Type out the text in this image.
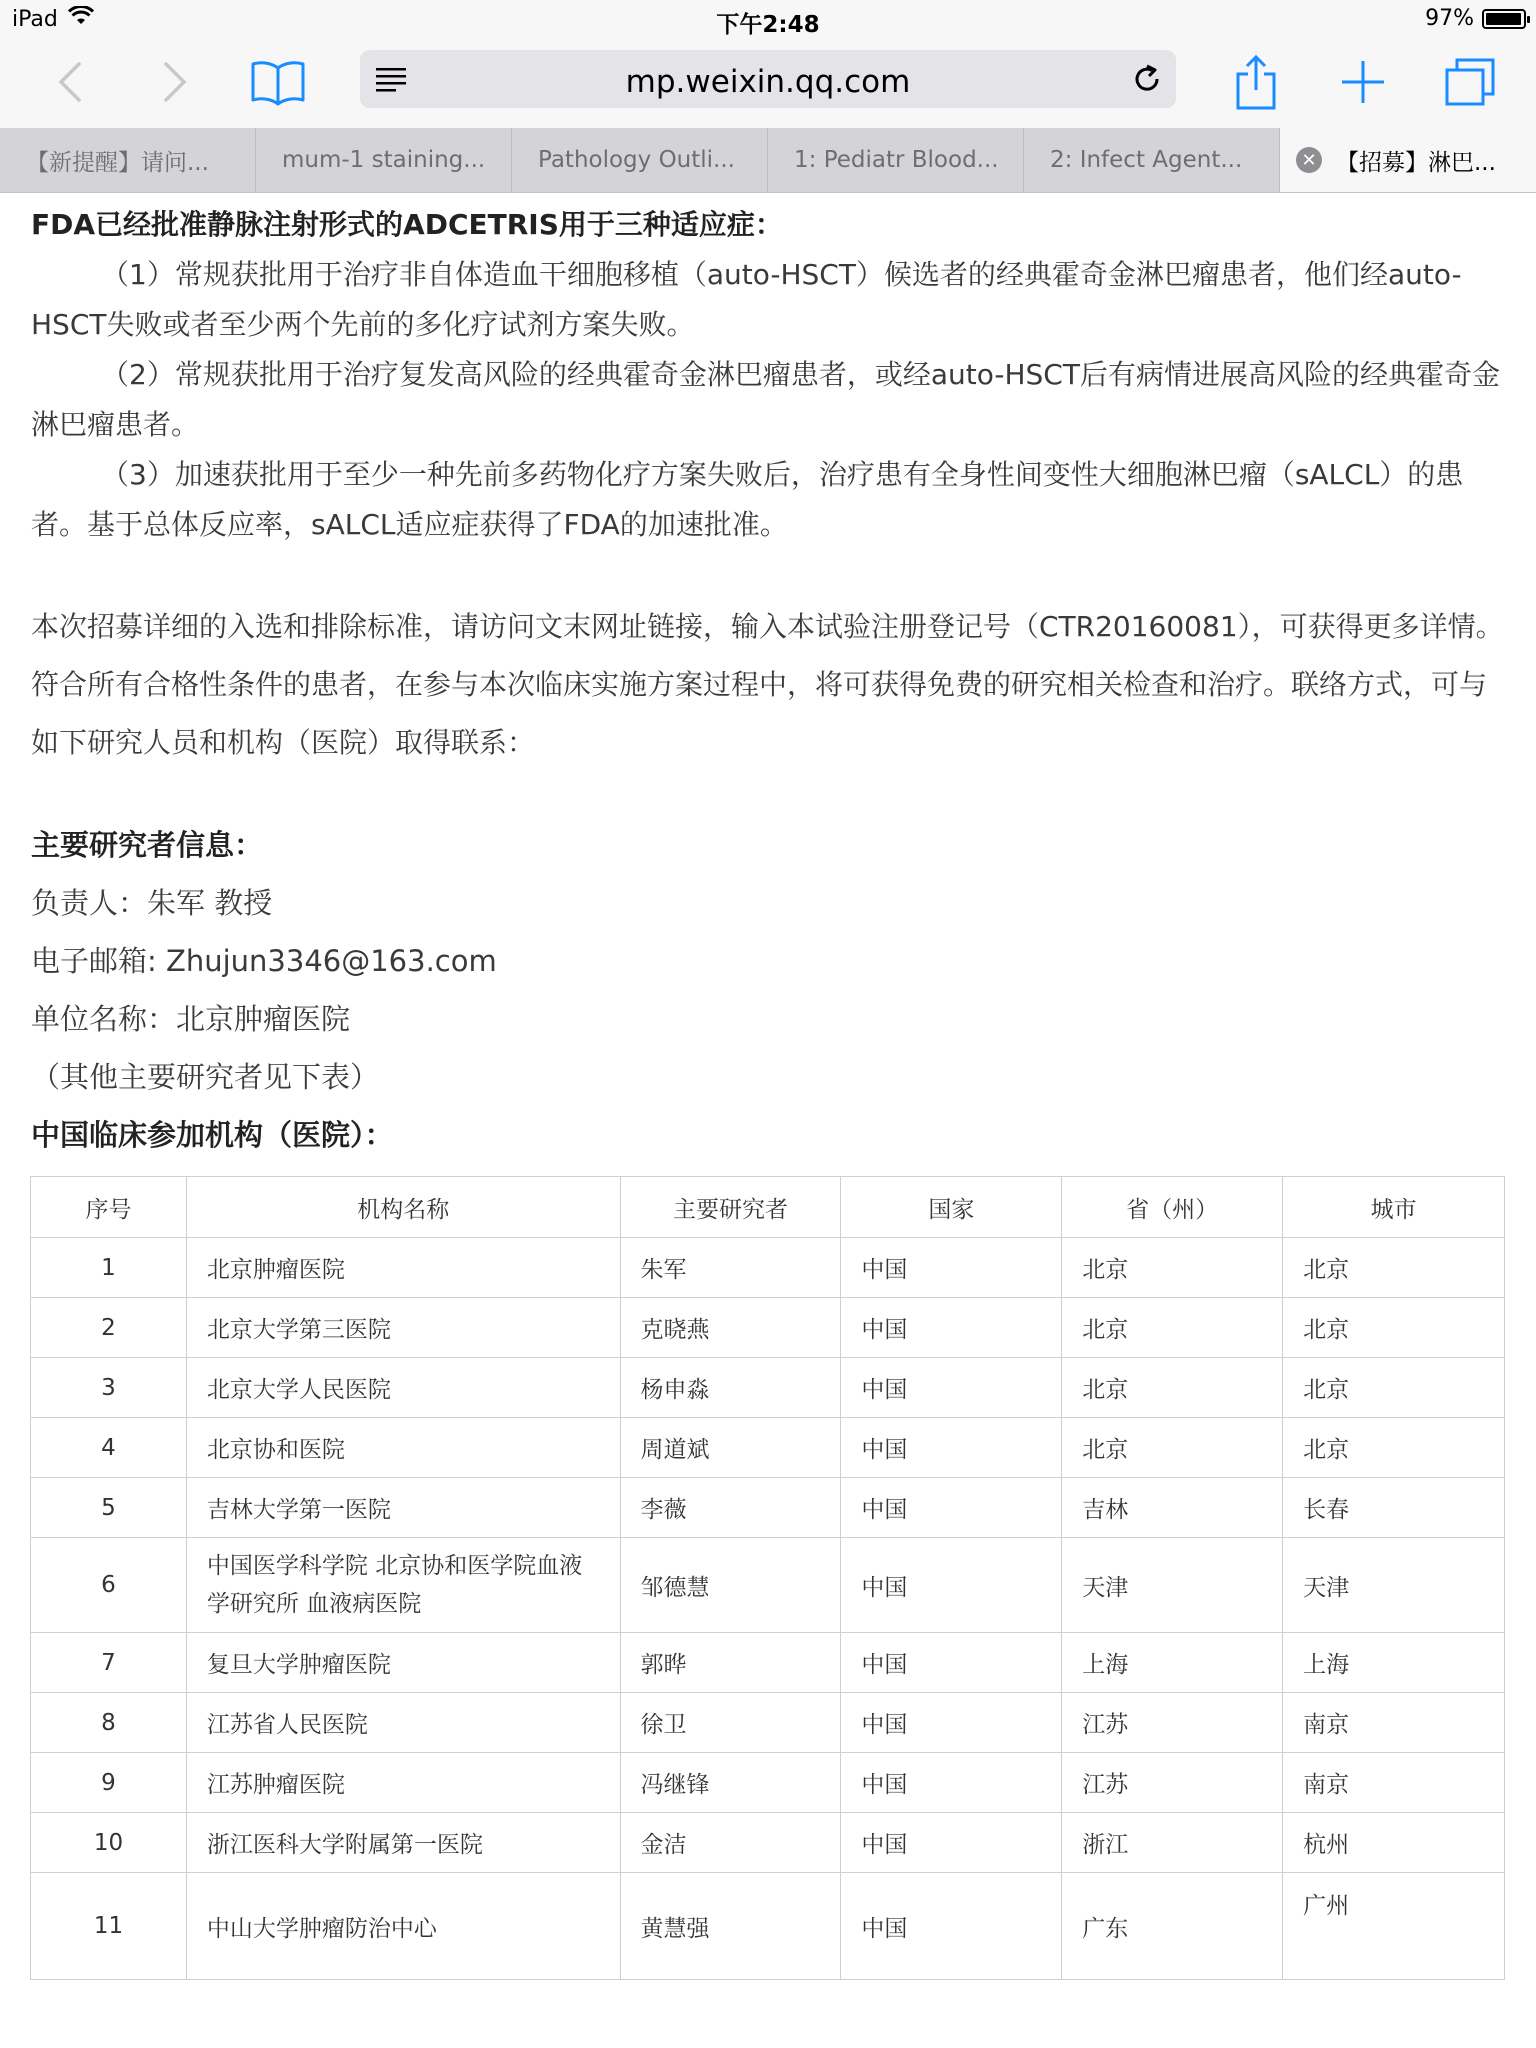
iPad	下午2:48	97%
mp.weixin.qq.com
【新提醒】请问...	mum-1 staining... Pathology Outli...	1: Pediatr Blood... 2: Infect Agent...	✕ 【招募】淋巴...

FDA已经批准静脉注射形式的ADCETRIS用于三种适应症：

（1）常规获批用于治疗非自体造血干细胞移植（auto-HSCT）候选者的经典霍奇金淋巴瘤患者，他们经auto-HSCT失败或者至少两个先前的多化疗试剂方案失败。

（2）常规获批用于治疗复发高风险的经典霍奇金淋巴瘤患者，或经auto-HSCT后有病情进展高风险的经典霍奇金淋巴瘤患者。

（3）加速获批用于至少一种先前多药物化疗方案失败后，治疗患有全身性间变性大细胞淋巴瘤（sALCL）的患者。基于总体反应率，sALCL适应症获得了FDA的加速批准。

本次招募详细的入选和排除标准，请访问文末网址链接，输入本试验注册登记号（CTR20160081），可获得更多详情。符合所有合格性条件的患者，在参与本次临床实施方案过程中，将可获得免费的研究相关检查和治疗。联络方式，可与如下研究人员和机构（医院）取得联系：

主要研究者信息：

负责人：朱军 教授

电子邮箱: Zhujun3346@163.com

单位名称：北京肿瘤医院

（其他主要研究者见下表）

中国临床参加机构（医院）：

序号	机构名称	主要研究者	国家	省（州）	城市
1	北京肿瘤医院	朱军	中国	北京	北京
2	北京大学第三医院	克晓燕	中国	北京	北京
3	北京大学人民医院	杨申淼	中国	北京	北京
4	北京协和医院	周道斌	中国	北京	北京
5	吉林大学第一医院	李薇	中国	吉林	长春
6	中国医学科学院 北京协和医学院血液学研究所 血液病医院	邹德慧	中国	天津	天津
7	复旦大学肿瘤医院	郭晔	中国	上海	上海
8	江苏省人民医院	徐卫	中国	江苏	南京
9	江苏肿瘤医院	冯继锋	中国	江苏	南京
10	浙江医科大学附属第一医院	金洁	中国	浙江	杭州
11	中山大学肿瘤防治中心	黄慧强	中国	广东	广州
